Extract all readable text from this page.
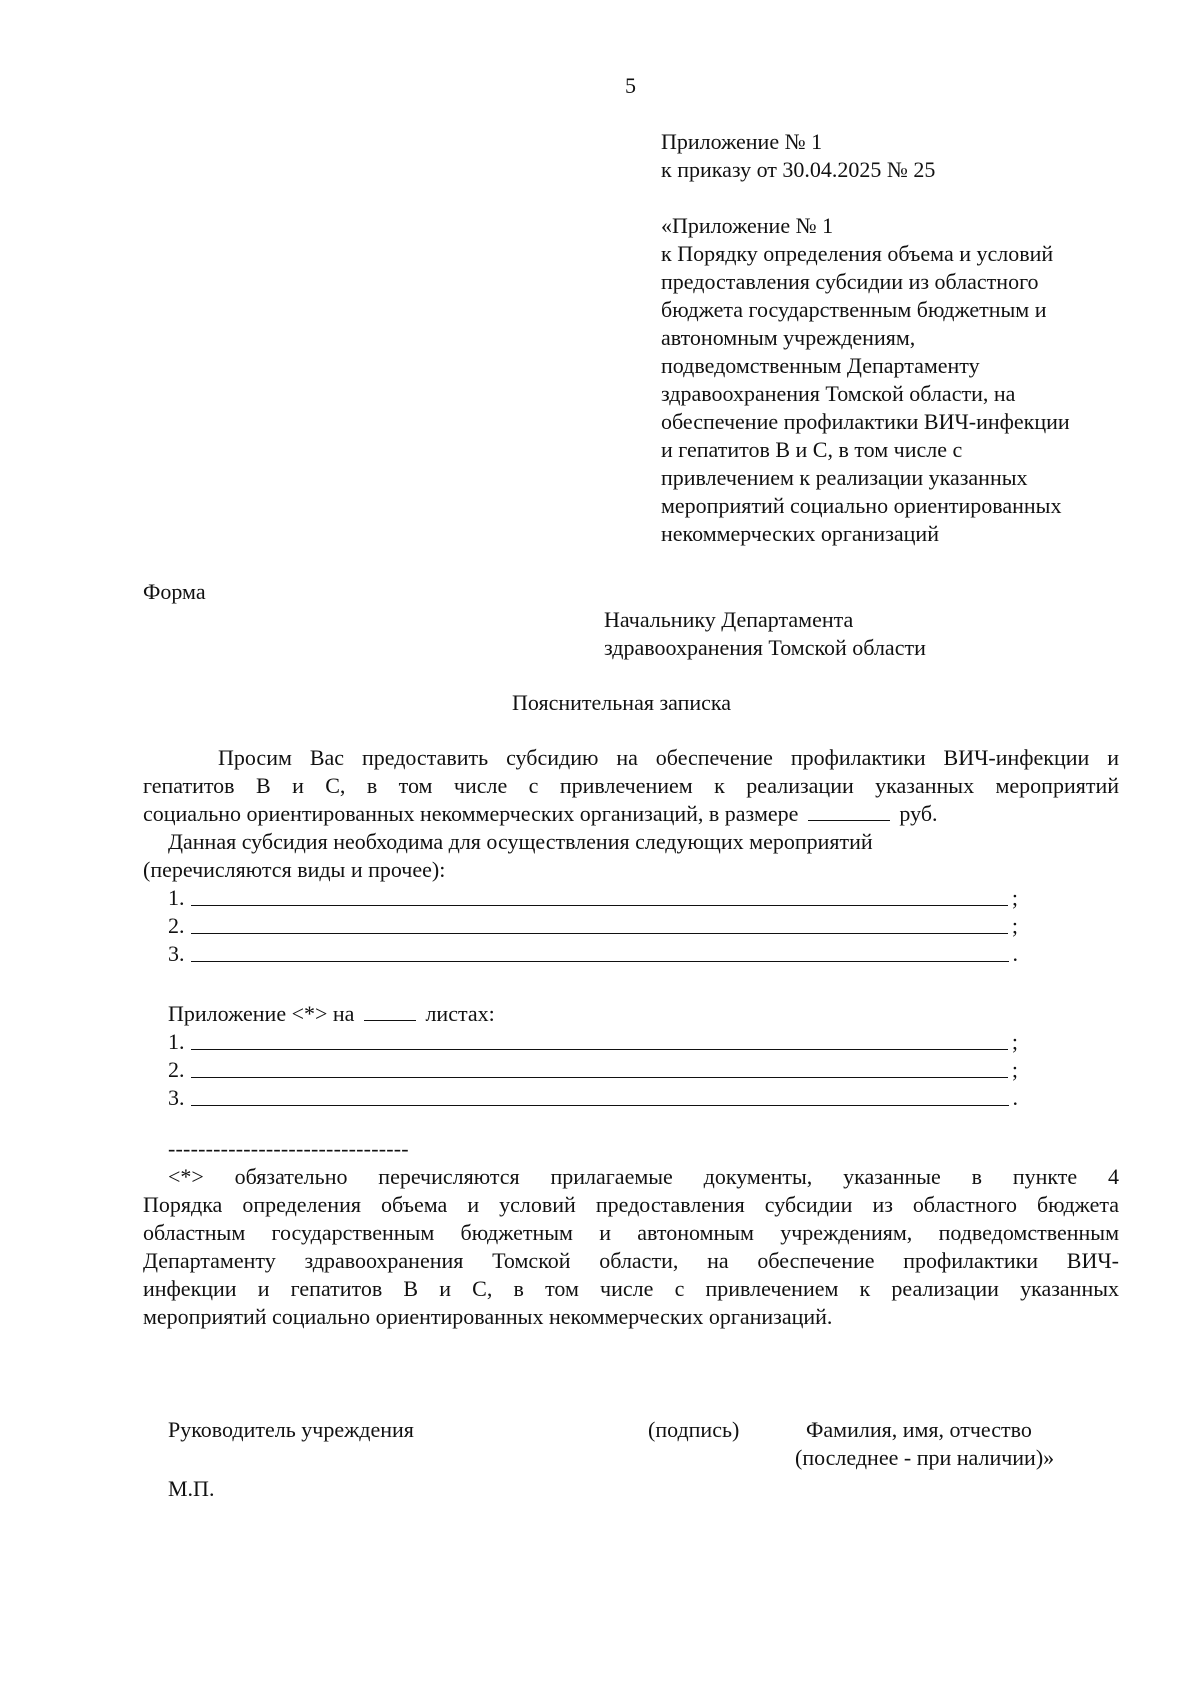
5
Приложение № 1
к приказу от 30.04.2025 № 25
«Приложение № 1
к Порядку определения объема и условий
предоставления субсидии из областного
бюджета государственным бюджетным и
автономным учреждениям,
подведомственным Департаменту
здравоохранения Томской области, на
обеспечение профилактики ВИЧ-инфекции
и гепатитов В и С, в том числе с
привлечением к реализации указанных
мероприятий социально ориентированных
некоммерческих организаций
Форма
Начальнику Департамента
здравоохранения Томской области
Пояснительная записка
Просим Вас предоставить субсидию на обеспечение профилактики ВИЧ-инфекции и
гепатитов В и С, в том числе с привлечением к реализации указанных мероприятий
социально ориентированных некоммерческих организаций, в размере	руб.
Данная субсидия необходима для осуществления следующих мероприятий
(перечисляются виды и прочее):
1.	;
2.	;
3.	.
Приложение <*> на	листах:
1.	;
2.	;
3.	.
--------------------------------
<*> обязательно перечисляются прилагаемые документы, указанные в пункте 4
Порядка определения объема и условий предоставления субсидии из областного бюджета
областным государственным бюджетным и автономным учреждениям, подведомственным
Департаменту здравоохранения Томской области, на обеспечение профилактики ВИЧ-
инфекции и гепатитов В и С, в том числе с привлечением к реализации указанных
мероприятий социально ориентированных некоммерческих организаций.
Руководитель учреждения	(подпись)	Фамилия, имя, отчество
(последнее - при наличии)»
М.П.
